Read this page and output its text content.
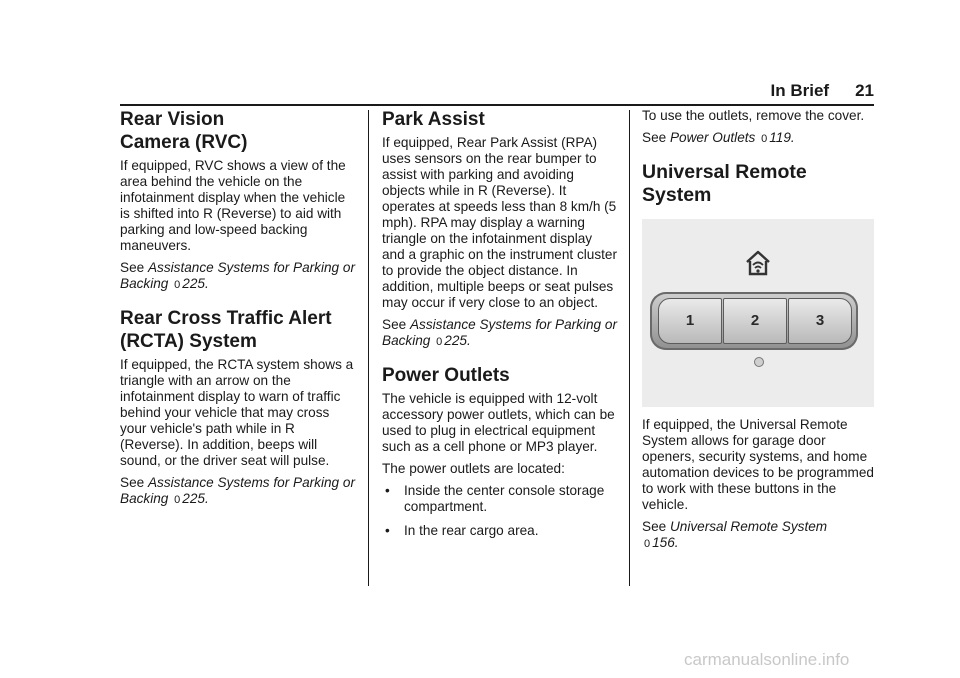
In Brief 21
Rear Vision
Camera (RVC)

If equipped, RVC shows a view of the area behind the vehicle on the infotainment display when the vehicle is shifted into R (Reverse) to aid with parking and low-speed backing maneuvers.

See Assistance Systems for Parking or Backing 0 225.

Rear Cross Traffic Alert
(RCTA) System

If equipped, the RCTA system shows a triangle with an arrow on the infotainment display to warn of traffic behind your vehicle that may cross your vehicle's path while in R (Reverse). In addition, beeps will sound, or the driver seat will pulse.

See Assistance Systems for Parking or Backing 0 225.

Park Assist

If equipped, Rear Park Assist (RPA) uses sensors on the rear bumper to assist with parking and avoiding objects while in R (Reverse). It operates at speeds less than 8 km/h (5 mph). RPA may display a warning triangle on the infotainment display and a graphic on the instrument cluster to provide the object distance. In addition, multiple beeps or seat pulses may occur if very close to an object.

See Assistance Systems for Parking or Backing 0 225.

Power Outlets

The vehicle is equipped with 12-volt accessory power outlets, which can be used to plug in electrical equipment such as a cell phone or MP3 player.

The power outlets are located:

• Inside the center console storage compartment.
• In the rear cargo area.

To use the outlets, remove the cover.

See Power Outlets 0 119.

Universal Remote System
1	2	3

If equipped, the Universal Remote System allows for garage door openers, security systems, and home automation devices to be programmed to work with these buttons in the vehicle.

See Universal Remote System
0 156.

carmanualsonline.info
